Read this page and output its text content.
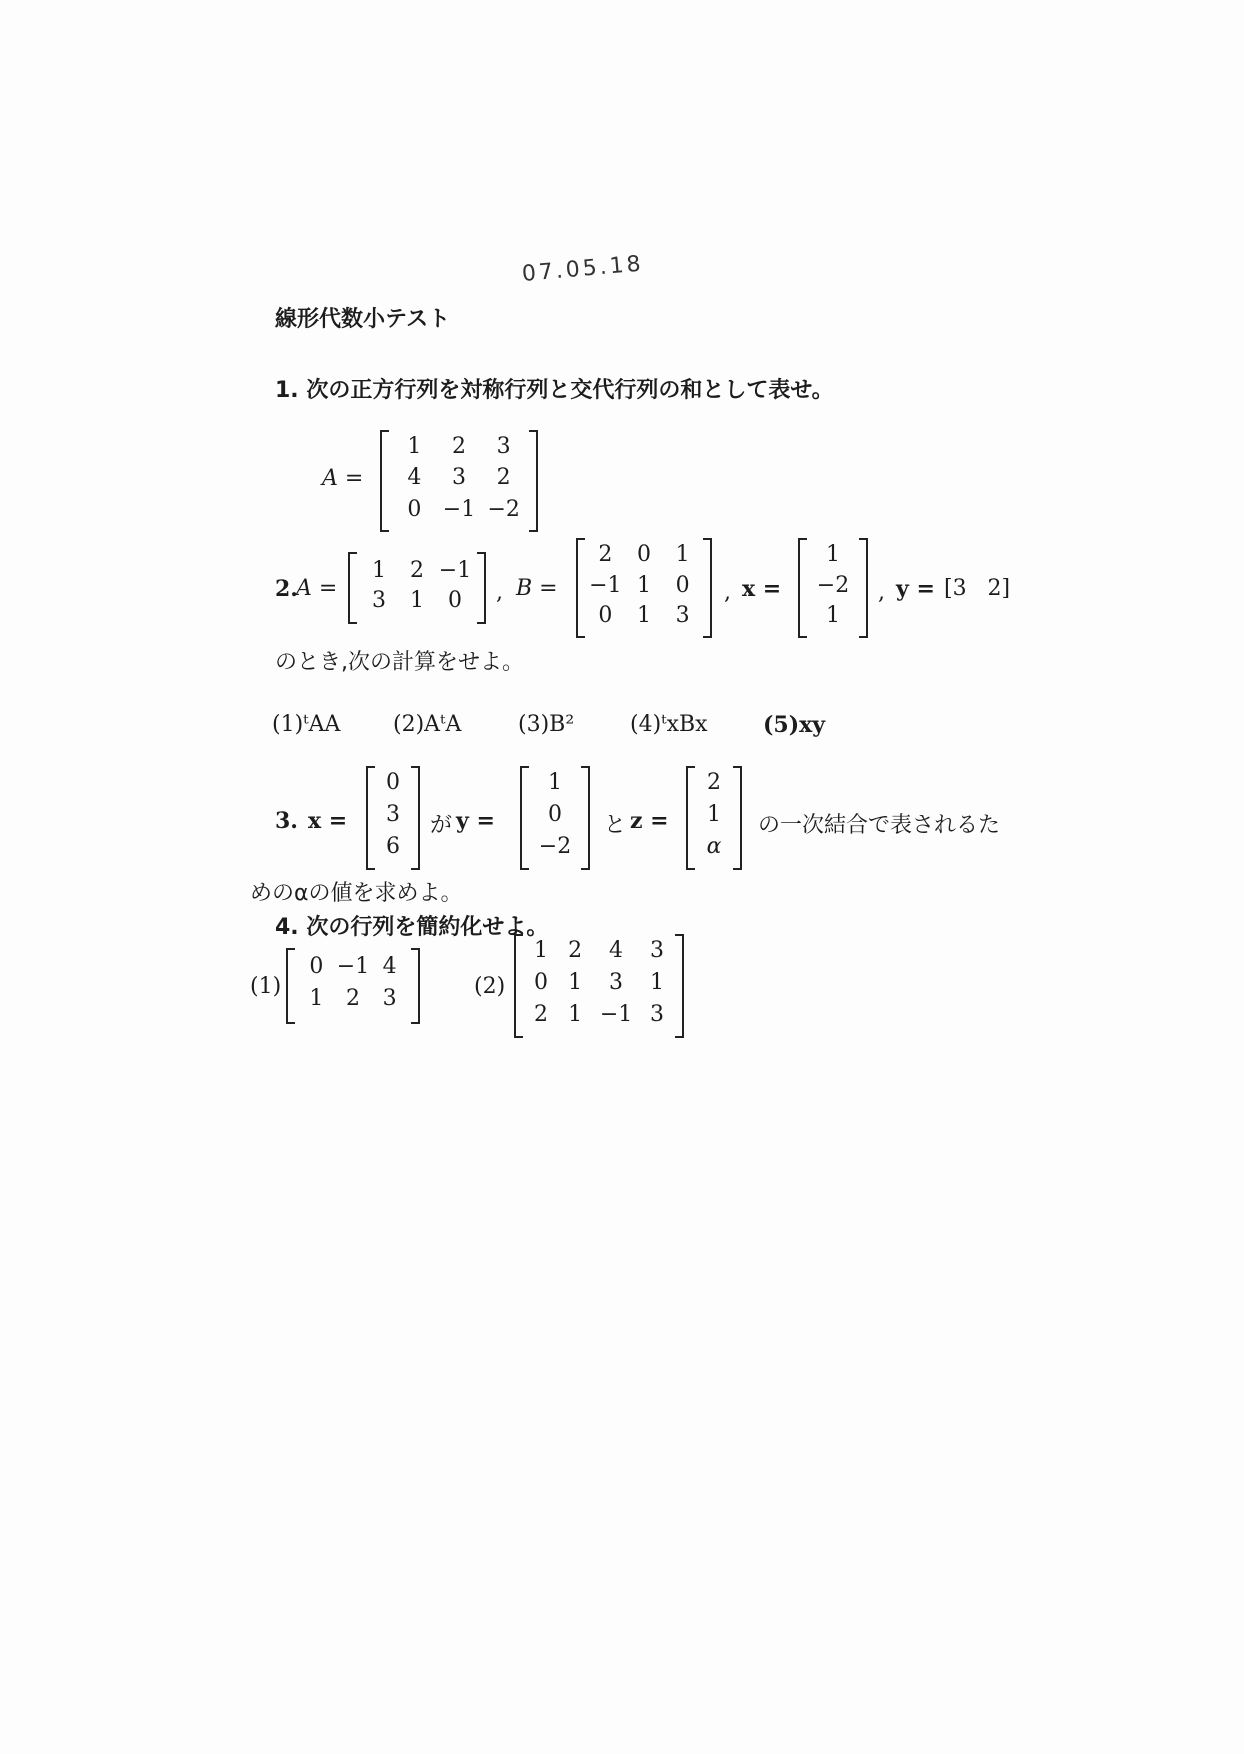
07.05.18
線形代数小テスト
1. 次の正方行列を対称行列と交代行列の和として表せ。
A =
1	2	3
4	3	2
0 −1 −2
2.
A =
1	2 −1
3	1	0	, B =
2	0	1
−1 1	0
0	1	3
, x =
1
−2
1
, y = [3   2]
のとき,次の計算をせよ。
(1)ᵗAA (2)AᵗA	(3)B²	(4)ᵗxBx	(5)xy
3. x =
0
3
6
が y =
1
0
−2
と z =
2
1
α
の一次結合で表されるた
めのαの値を求めよ。
4. 次の行列を簡約化せよ。
(1)
0 −1 4
1	2	3	(2)
1 2	4	3
0 1	3	1
2 1 −1 3
